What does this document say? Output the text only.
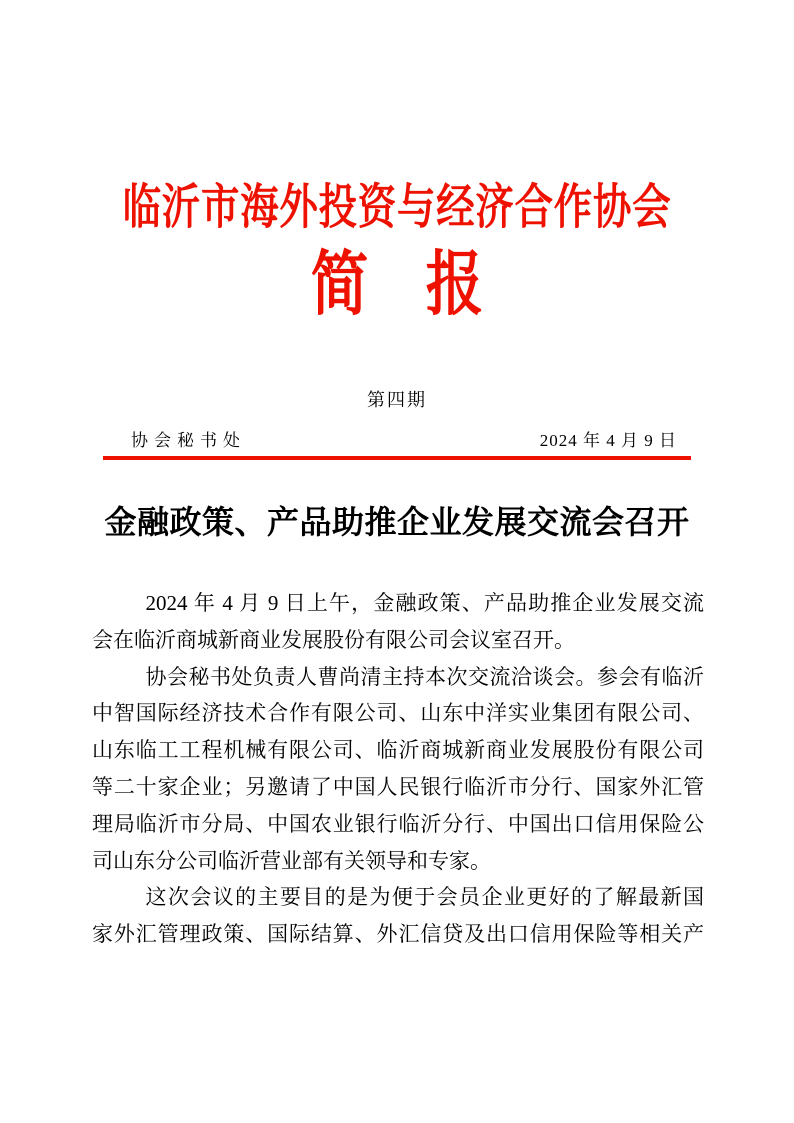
临沂市海外投资与经济合作协会
简　报
第四期
协会秘书处	2024 年 4 月 9 日
金融政策、产品助推企业发展交流会召开
2024 年 4 月 9 日上午，金融政策、产品助推企业发展交流
会在临沂商城新商业发展股份有限公司会议室召开。
协会秘书处负责人曹尚清主持本次交流洽谈会。参会有临沂
中智国际经济技术合作有限公司、山东中洋实业集团有限公司、
山东临工工程机械有限公司、临沂商城新商业发展股份有限公司
等二十家企业；另邀请了中国人民银行临沂市分行、国家外汇管
理局临沂市分局、中国农业银行临沂分行、中国出口信用保险公
司山东分公司临沂营业部有关领导和专家。
这次会议的主要目的是为便于会员企业更好的了解最新国
家外汇管理政策、国际结算、外汇信贷及出口信用保险等相关产
